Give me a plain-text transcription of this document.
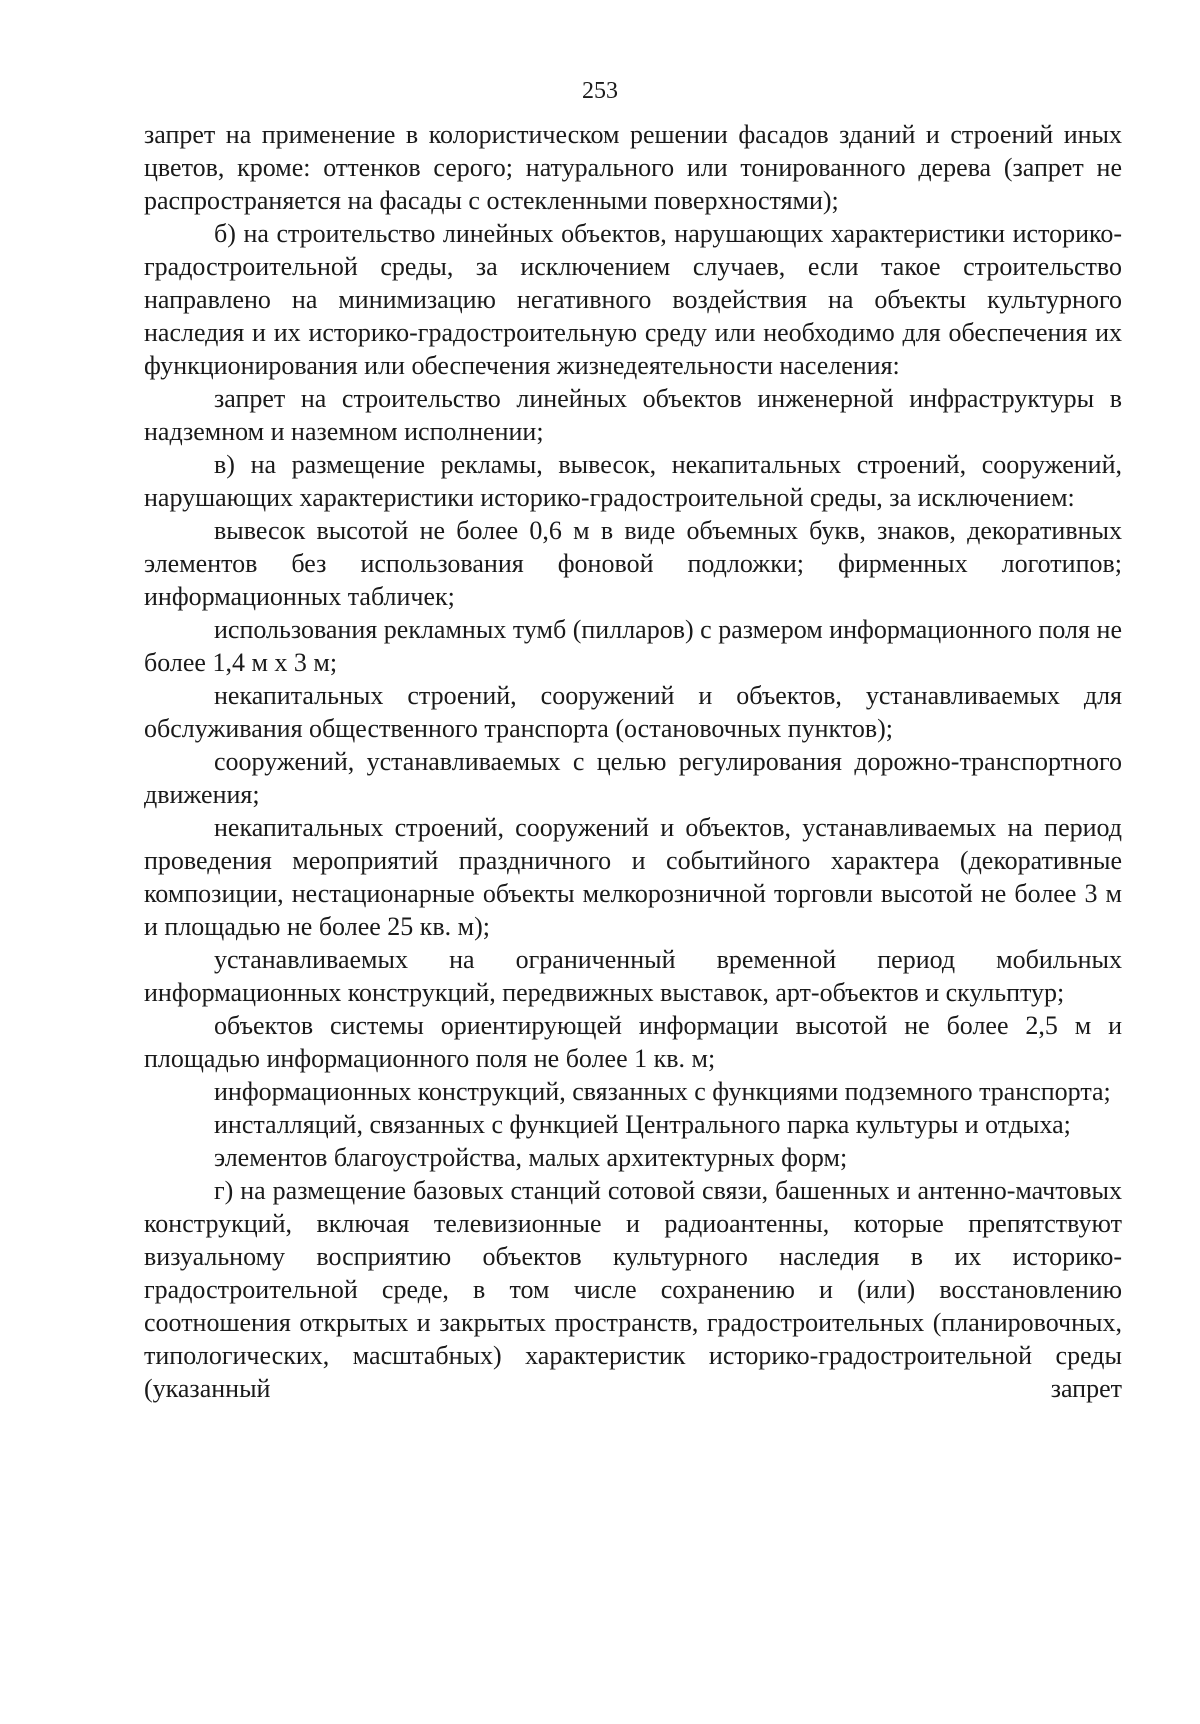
253

запрет на применение в колористическом решении фасадов зданий и строений иных цветов, кроме: оттенков серого; натурального или тонированного дерева (запрет не распространяется на фасады с остекленными поверхностями);

б) на строительство линейных объектов, нарушающих характеристики историко-градостроительной среды, за исключением случаев, если такое строительство направлено на минимизацию негативного воздействия на объекты культурного наследия и их историко-градостроительную среду или необходимо для обеспечения их функционирования или обеспечения жизнедеятельности населения:

запрет на строительство линейных объектов инженерной инфраструктуры в надземном и наземном исполнении;

в) на размещение рекламы, вывесок, некапитальных строений, сооружений, нарушающих характеристики историко-градостроительной среды, за исключением:

вывесок высотой не более 0,6 м в виде объемных букв, знаков, декоративных элементов без использования фоновой подложки; фирменных логотипов; информационных табличек;

использования рекламных тумб (пилларов) с размером информационного поля не более 1,4 м х 3 м;

некапитальных строений, сооружений и объектов, устанавливаемых для обслуживания общественного транспорта (остановочных пунктов);

сооружений, устанавливаемых с целью регулирования дорожно-транспортного движения;

некапитальных строений, сооружений и объектов, устанавливаемых на период проведения мероприятий праздничного и событийного характера (декоративные композиции, нестационарные объекты мелкорозничной торговли высотой не более 3 м и площадью не более 25 кв. м);

устанавливаемых на ограниченный временной период мобильных информационных конструкций, передвижных выставок, арт-объектов и скульптур;

объектов системы ориентирующей информации высотой не более 2,5 м и площадью информационного поля не более 1 кв. м;

информационных конструкций, связанных с функциями подземного транспорта;

инсталляций, связанных с функцией Центрального парка культуры и отдыха;

элементов благоустройства, малых архитектурных форм;

г) на размещение базовых станций сотовой связи, башенных и антенно-мачтовых конструкций, включая телевизионные и радиоантенны, которые препятствуют визуальному восприятию объектов культурного наследия в их историко-градостроительной среде, в том числе сохранению и (или) восстановлению соотношения открытых и закрытых пространств, градостроительных (планировочных, типологических, масштабных) характеристик историко-градостроительной среды (указанный запрет
